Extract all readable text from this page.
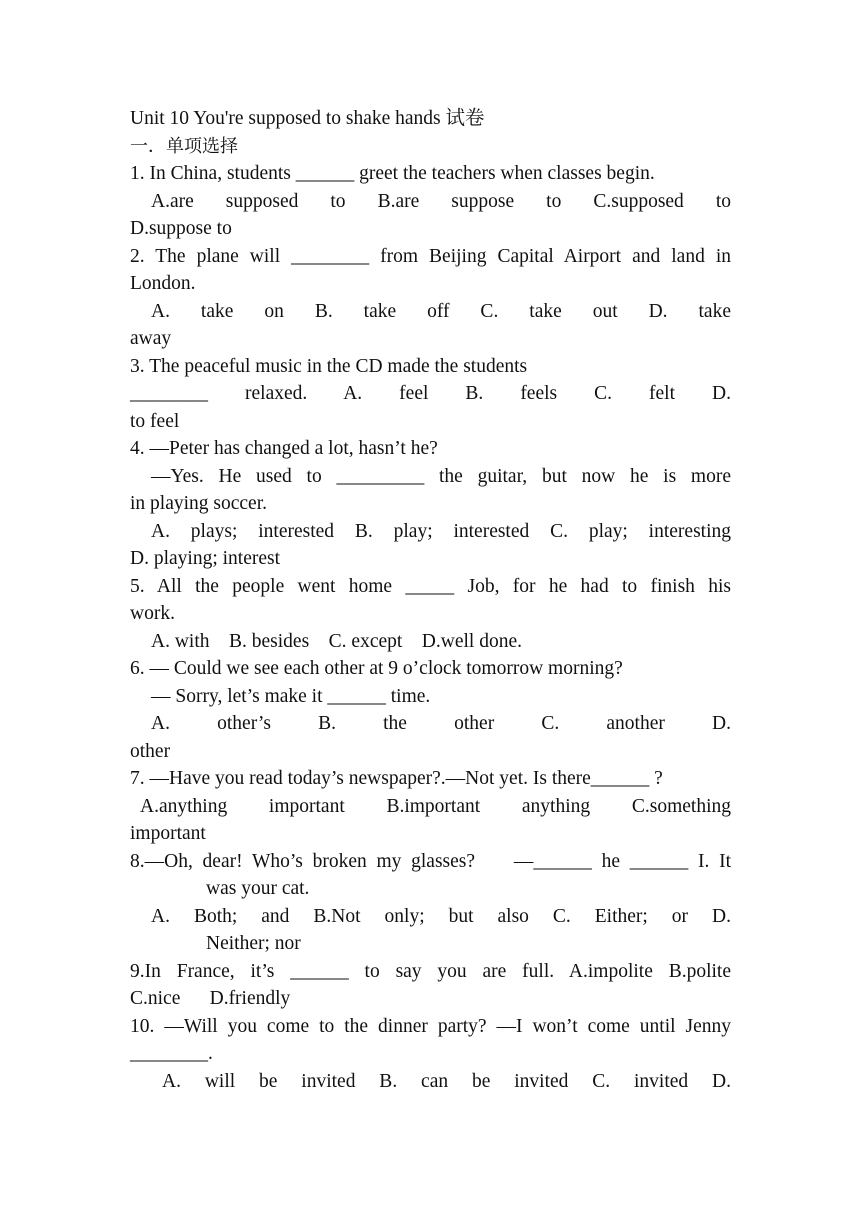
Unit 10 You're supposed to shake hands 试卷
一．单项选择
1. In China, students ______ greet the teachers when classes begin.
A.are supposed to B.are suppose to C.supposed to
D.suppose to
2. The plane will ________ from Beijing Capital Airport and land in
London.
A. take on B. take off C. take out D. take
away
3. The peaceful music in the CD made the students
________ relaxed. A. feel B. feels C. felt D.
to feel
4. —Peter has changed a lot, hasn’t he?
—Yes. He used to _________ the guitar, but now he is more
in playing soccer.
A. plays; interested B. play; interested C. play; interesting
D. playing; interest
5. All the people went home _____ Job, for he had to finish his
work.
A. with    B. besides    C. except    D.well done.
6. — Could we see each other at 9 o’clock tomorrow morning?
— Sorry, let’s make it ______ time.
A. other’s B. the other C. another D.
other
7. —Have you read today’s newspaper?.—Not yet. Is there______ ?
A.anything important B.important anything C.something
important
8.—Oh, dear! Who’s broken my glasses?    —______ he ______ I. It
was your cat.
A. Both; and B.Not only; but also C. Either; or D.
Neither; nor
9.In France, it’s ______ to say you are full. A.impolite B.polite
C.nice      D.friendly
10. —Will you come to the dinner party? —I won’t come until Jenny
________.
A. will be invited B. can be invited C. invited D.
